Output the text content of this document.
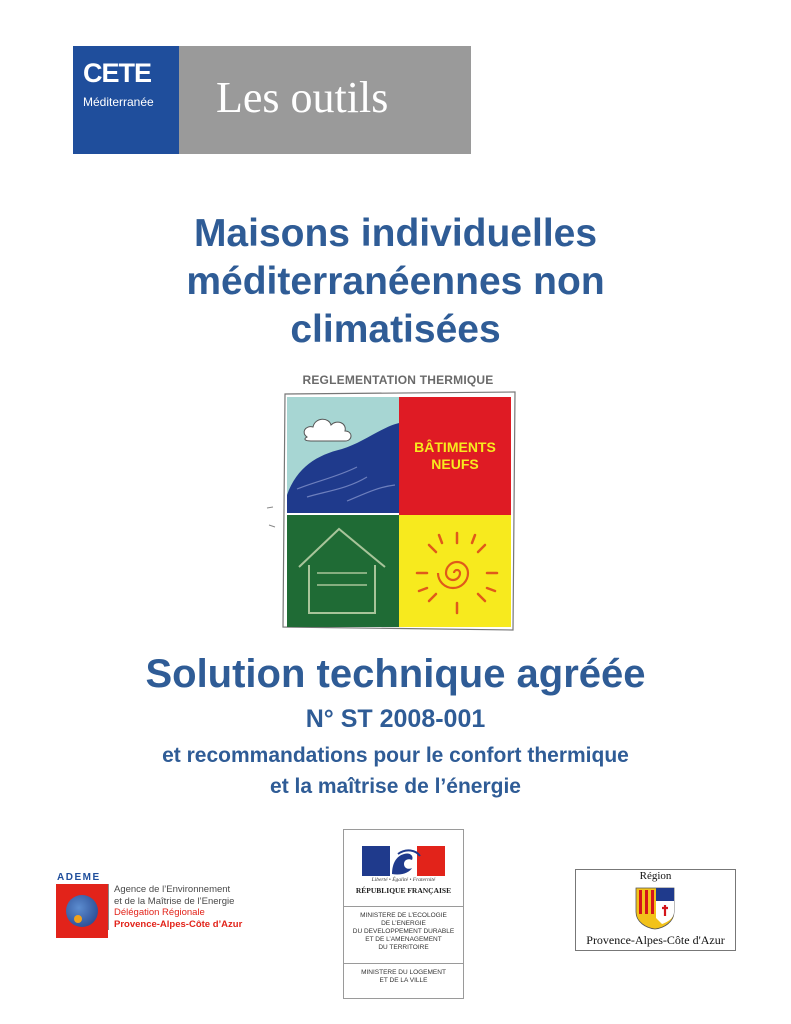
CETE
Méditerranée Les outils
Maisons individuelles
méditerranéennes non
climatisées
REGLEMENTATION THERMIQUE
BÂTIMENTS
NEUFS
Solution technique agréée
N° ST 2008-001
et recommandations pour le confort thermique
et la maîtrise de l’énergie
ADEME
Agence de l’Environnement
et de la Maîtrise de l’Energie
Délégation Régionale
Provence-Alpes-Côte d’Azur
Liberté • Égalité • Fraternité
RÉPUBLIQUE FRANÇAISE
MINISTERE DE L’ECOLOGIE
DE L’ENERGIE
DU DEVELOPPEMENT DURABLE
ET DE L’AMENAGEMENT
DU TERRITOIRE
MINISTERE DU LOGEMENT
ET DE LA VILLE
Région
Provence-Alpes-Côte d'Azur
